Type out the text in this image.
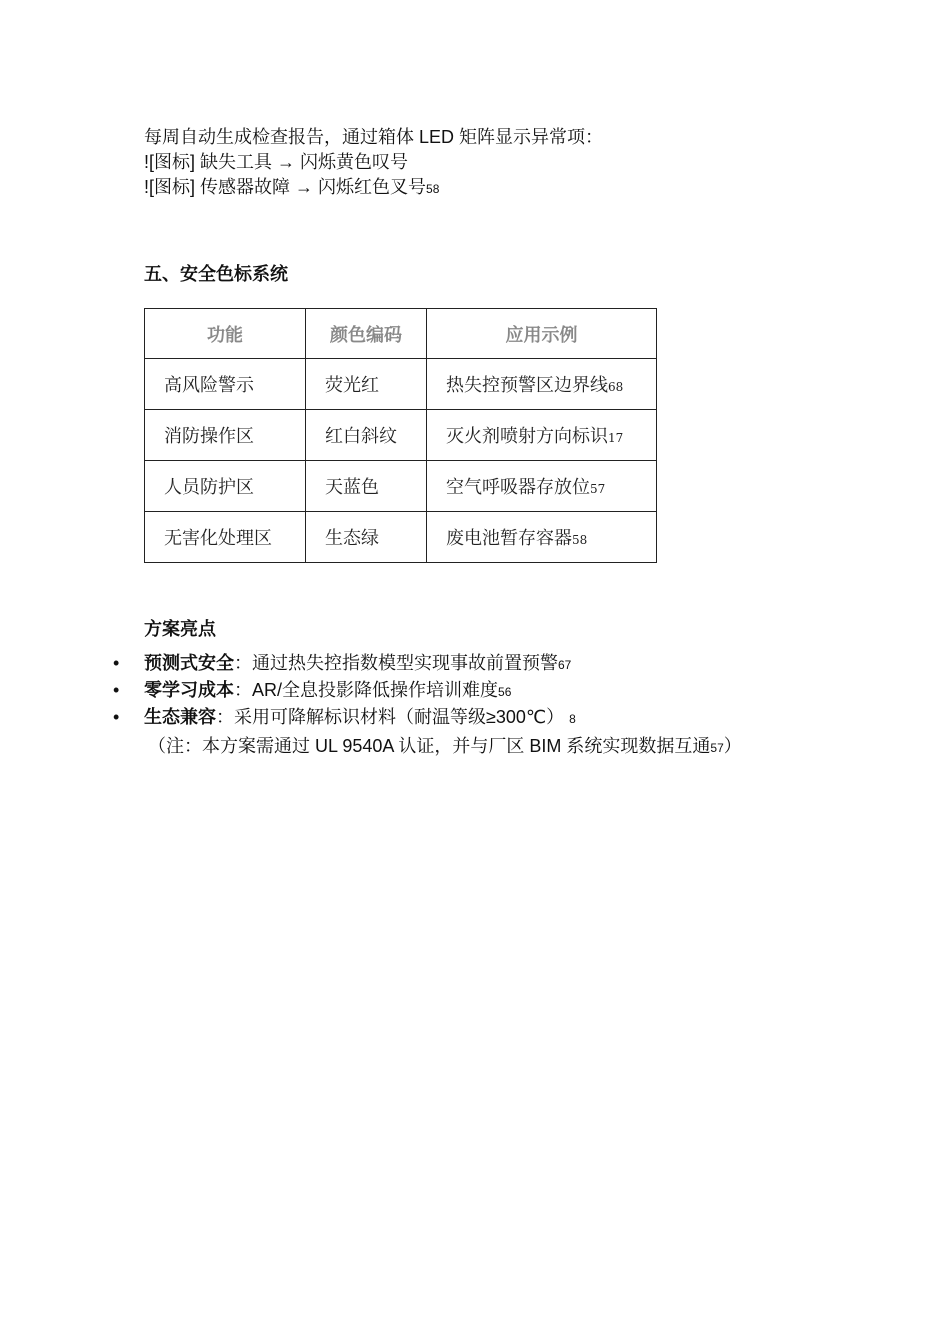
每周自动生成检查报告，通过箱体 LED 矩阵显示异常项：
![图标] 缺失工具 → 闪烁黄色叹号
![图标] 传感器故障 → 闪烁红色叉号58
五、安全色标系统
功能	颜色编码	应用示例
高风险警示	荧光红	热失控预警区边界线68
消防操作区	红白斜纹	灭火剂喷射方向标识17
人员防护区	天蓝色	空气呼吸器存放位57
无害化处理区	生态绿	废电池暂存容器58
方案亮点
• 预测式安全：通过热失控指数模型实现事故前置预警67
• 零学习成本：AR/全息投影降低操作培训难度56
• 生态兼容：采用可降解标识材料（耐温等级≥300℃） 8
（注：本方案需通过 UL 9540A 认证，并与厂区 BIM 系统实现数据互通57）
